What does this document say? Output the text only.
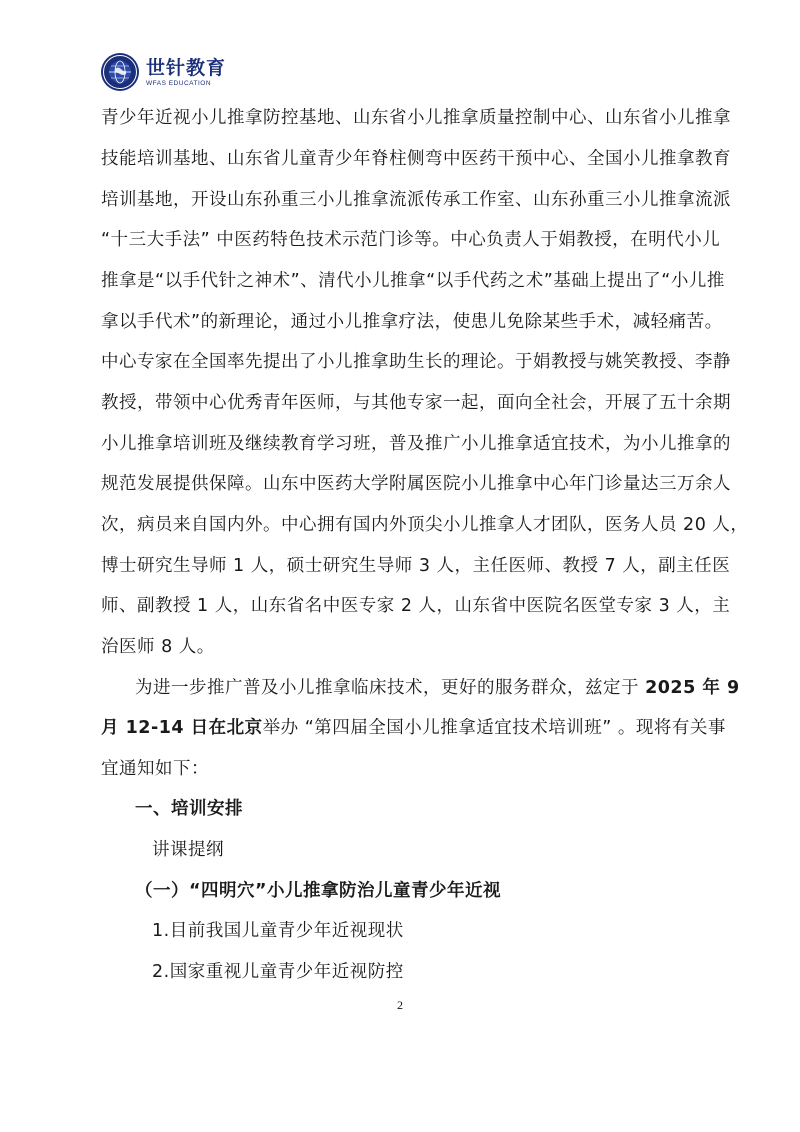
世针教育
WFAS EDUCATION
青少年近视小儿推拿防控基地、山东省小儿推拿质量控制中心、山东省小儿推拿
技能培训基地、山东省儿童青少年脊柱侧弯中医药干预中心、全国小儿推拿教育
培训基地，开设山东孙重三小儿推拿流派传承工作室、山东孙重三小儿推拿流派
“十三大手法” 中医药特色技术示范门诊等。中心负责人于娟教授，在明代小儿
推拿是“以手代针之神术”、清代小儿推拿“以手代药之术”基础上提出了“小儿推
拿以手代术”的新理论，通过小儿推拿疗法，使患儿免除某些手术，减轻痛苦。
中心专家在全国率先提出了小儿推拿助生长的理论。于娟教授与姚笑教授、李静
教授，带领中心优秀青年医师，与其他专家一起，面向全社会，开展了五十余期
小儿推拿培训班及继续教育学习班，普及推广小儿推拿适宜技术，为小儿推拿的
规范发展提供保障。山东中医药大学附属医院小儿推拿中心年门诊量达三万余人
次，病员来自国内外。中心拥有国内外顶尖小儿推拿人才团队，医务人员 20 人，
博士研究生导师 1 人，硕士研究生导师 3 人，主任医师、教授 7 人，副主任医
师、副教授 1 人，山东省名中医专家 2 人，山东省中医院名医堂专家 3 人，主
治医师 8 人。
为进一步推广普及小儿推拿临床技术，更好的服务群众，兹定于 2025 年 9
月 12-14 日在北京举办 “第四届全国小儿推拿适宜技术培训班” 。现将有关事
宜通知如下：
一、培训安排
讲课提纲
（一）“四明穴”小儿推拿防治儿童青少年近视
1.目前我国儿童青少年近视现状
2.国家重视儿童青少年近视防控
2
